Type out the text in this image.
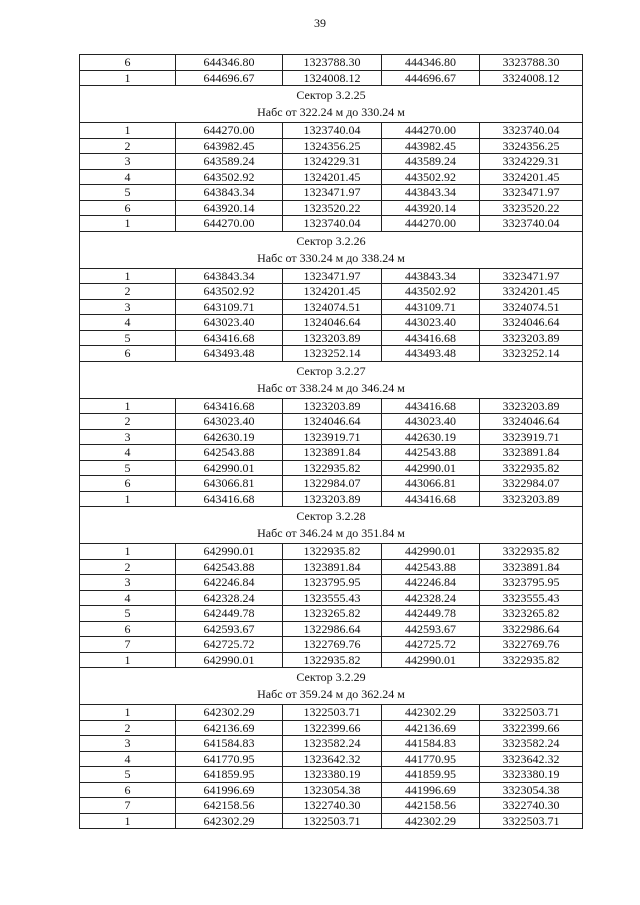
39
6	644346.80	1323788.30	444346.80	3323788.30
1	644696.67	1324008.12	444696.67	3324008.12

Сектор 3.2.25
Набс от 322.24 м до 330.24 м				

1	644270.00	1323740.04	444270.00	3323740.04
2	643982.45	1324356.25	443982.45	3324356.25
3	643589.24	1324229.31	443589.24	3324229.31
4	643502.92	1324201.45	443502.92	3324201.45
5	643843.34	1323471.97	443843.34	3323471.97
6	643920.14	1323520.22	443920.14	3323520.22
1	644270.00	1323740.04	444270.00	3323740.04

Сектор 3.2.26
Набс от 330.24 м до 338.24 м				

1	643843.34	1323471.97	443843.34	3323471.97
2	643502.92	1324201.45	443502.92	3324201.45
3	643109.71	1324074.51	443109.71	3324074.51
4	643023.40	1324046.64	443023.40	3324046.64
5	643416.68	1323203.89	443416.68	3323203.89
6	643493.48	1323252.14	443493.48	3323252.14

Сектор 3.2.27
Набс от 338.24 м до 346.24 м				

1	643416.68	1323203.89	443416.68	3323203.89
2	643023.40	1324046.64	443023.40	3324046.64
3	642630.19	1323919.71	442630.19	3323919.71
4	642543.88	1323891.84	442543.88	3323891.84
5	642990.01	1322935.82	442990.01	3322935.82
6	643066.81	1322984.07	443066.81	3322984.07
1	643416.68	1323203.89	443416.68	3323203.89

Сектор 3.2.28
Набс от 346.24 м до 351.84 м				

1	642990.01	1322935.82	442990.01	3322935.82
2	642543.88	1323891.84	442543.88	3323891.84
3	642246.84	1323795.95	442246.84	3323795.95
4	642328.24	1323555.43	442328.24	3323555.43
5	642449.78	1323265.82	442449.78	3323265.82
6	642593.67	1322986.64	442593.67	3322986.64
7	642725.72	1322769.76	442725.72	3322769.76
1	642990.01	1322935.82	442990.01	3322935.82

Сектор 3.2.29
Набс от 359.24 м до 362.24 м				

1	642302.29	1322503.71	442302.29	3322503.71
2	642136.69	1322399.66	442136.69	3322399.66
3	641584.83	1323582.24	441584.83	3323582.24
4	641770.95	1323642.32	441770.95	3323642.32
5	641859.95	1323380.19	441859.95	3323380.19
6	641996.69	1323054.38	441996.69	3323054.38
7	642158.56	1322740.30	442158.56	3322740.30
1	642302.29	1322503.71	442302.29	3322503.71
